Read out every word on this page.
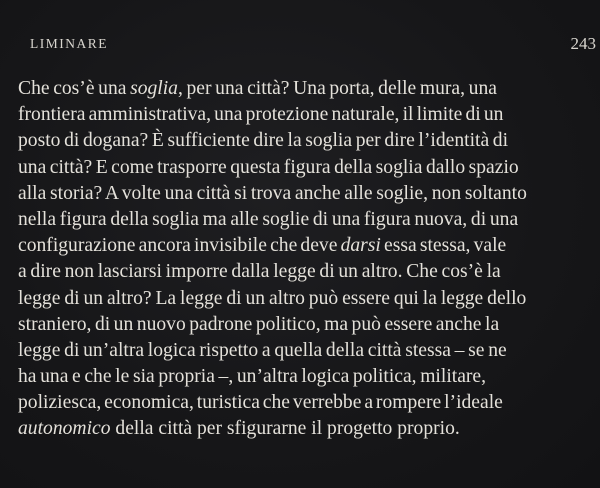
LIMINARE	243
Che cos’è una soglia, per una città? Una porta, delle mura, una
frontiera amministrativa, una protezione naturale, il limite di un
posto di dogana? È sufficiente dire la soglia per dire l’identità di
una città? E come trasporre questa figura della soglia dallo spazio
alla storia? A volte una città si trova anche alle soglie, non soltanto
nella figura della soglia ma alle soglie di una figura nuova, di una
configurazione ancora invisibile che deve darsi essa stessa, vale
a dire non lasciarsi imporre dalla legge di un altro. Che cos’è la
legge di un altro? La legge di un altro può essere qui la legge dello
straniero, di un nuovo padrone politico, ma può essere anche la
legge di un’altra logica rispetto a quella della città stessa – se ne
ha una e che le sia propria –, un’altra logica politica, militare,
poliziesca, economica, turistica che verrebbe a rompere l’ideale
autonomico della città per sfigurarne il progetto proprio.
